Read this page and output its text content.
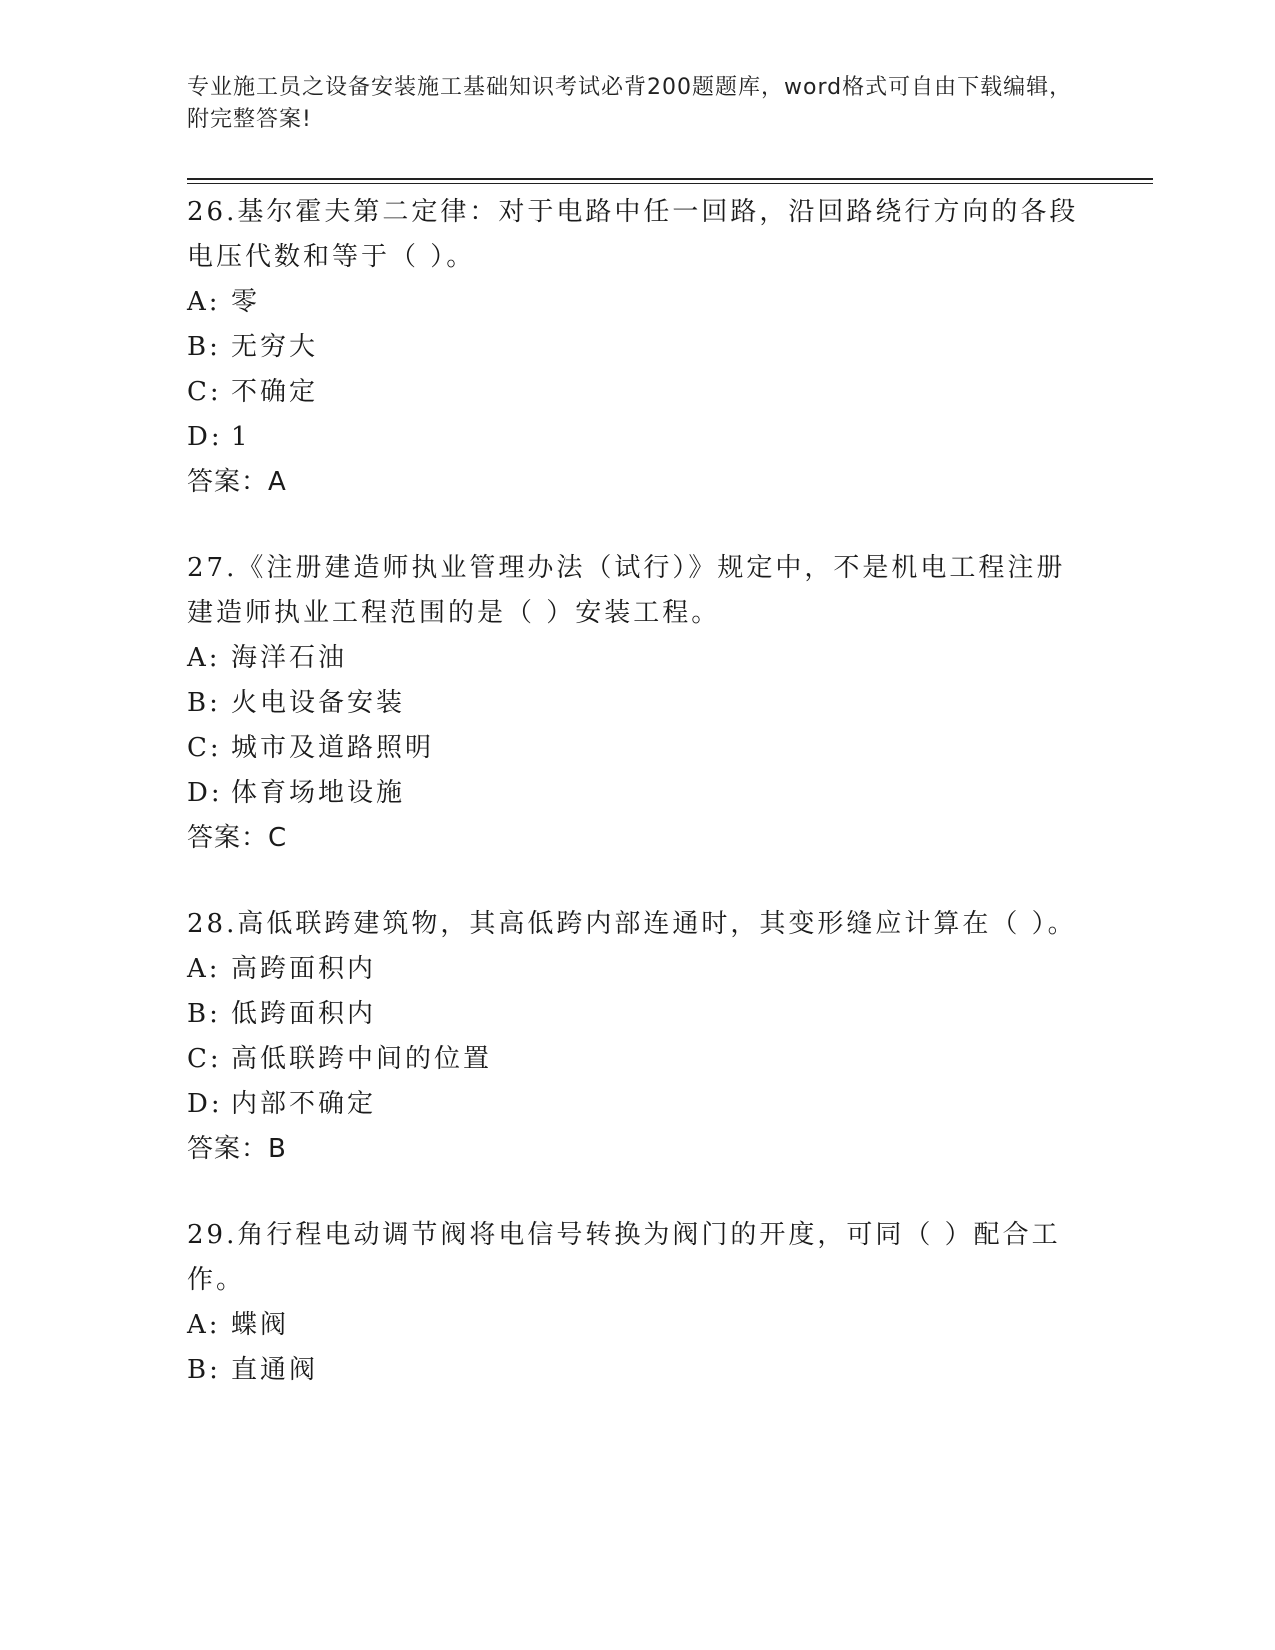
专业施工员之设备安装施工基础知识考试必背200题题库，word格式可自由下载编辑，附完整答案!

26.基尔霍夫第二定律：对于电路中任一回路，沿回路绕行方向的各段电压代数和等于（ ）。

A: 零

B: 无穷大

C: 不确定

D: 1

答案：A

27.《注册建造师执业管理办法（试行）》规定中，不是机电工程注册建造师执业工程范围的是（ ）安装工程。

A: 海洋石油

B: 火电设备安装

C: 城市及道路照明

D: 体育场地设施

答案：C

28.高低联跨建筑物，其高低跨内部连通时，其变形缝应计算在（ ）。

A: 高跨面积内

B: 低跨面积内

C: 高低联跨中间的位置

D: 内部不确定

答案：B

29.角行程电动调节阀将电信号转换为阀门的开度，可同（ ）配合工作。

A: 蝶阀

B: 直通阀
